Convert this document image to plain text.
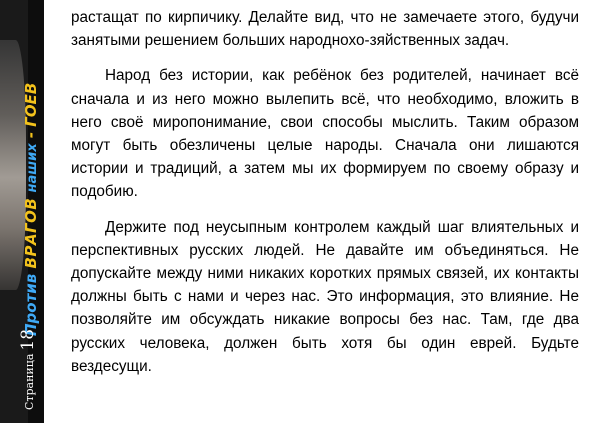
Против ВРАГОВ наших - ГОЕВ
Страница18

растащат по кирпичику. Делайте вид, что не замечаете этого, будучи занятыми решением больших народнохо-зяйственных задач.

Народ без истории, как ребёнок без родителей, начинает всё сначала и из него можно вылепить всё, что необходимо, вложить в него своё миропонимание, свои способы мыслить. Таким образом могут быть обезличены целые народы. Сначала они лишаются истории и традиций, а затем мы их формируем по своему образу и подобию.

Держите под неусыпным контролем каждый шаг влиятельных и перспективных русских людей. Не давайте им объединяться. Не допускайте между ними никаких коротких прямых связей, их контакты должны быть с нами и через нас. Это информация, это влияние. Не позволяйте им обсуждать никакие вопросы без нас. Там, где два русских человека, должен быть хотя бы один еврей. Будьте вездесущи.
